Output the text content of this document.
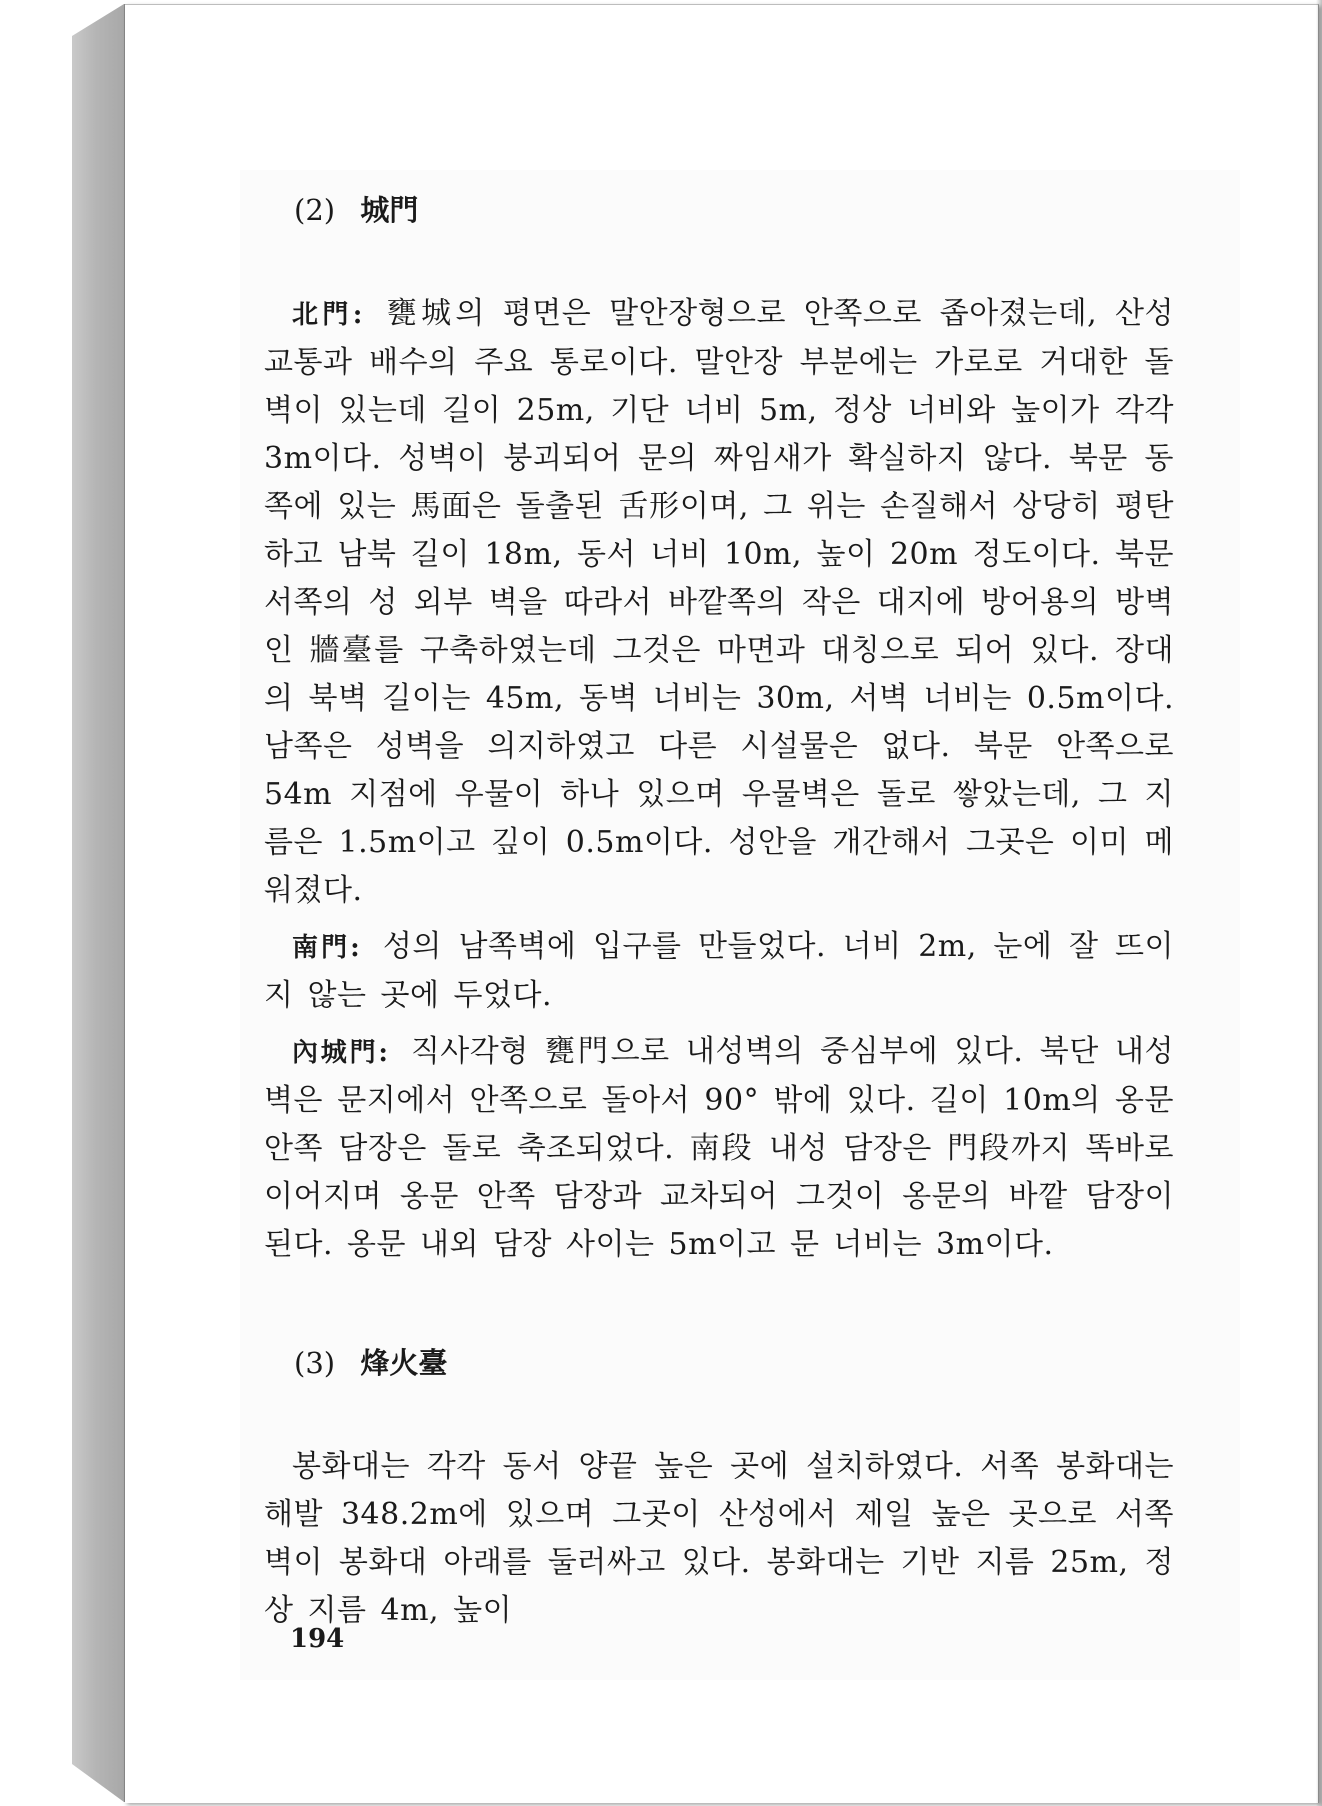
(2) 城門

北門: 甕城의 평면은 말안장형으로 안쪽으로 좁아졌는데, 산성 교통과 배수의 주요 통로이다. 말안장 부분에는 가로로 거대한 돌벽이 있는데 길이 25m, 기단 너비 5m, 정상 너비와 높이가 각각 3m이다. 성벽이 붕괴되어 문의 짜임새가 확실하지 않다. 북문 동쪽에 있는 馬面은 돌출된 舌形이며, 그 위는 손질해서 상당히 평탄하고 남북 길이 18m, 동서 너비 10m, 높이 20m 정도이다. 북문 서쪽의 성 외부 벽을 따라서 바깥쪽의 작은 대지에 방어용의 방벽인 牆臺를 구축하였는데 그것은 마면과 대칭으로 되어 있다. 장대의 북벽 길이는 45m, 동벽 너비는 30m, 서벽 너비는 0.5m이다. 남쪽은 성벽을 의지하였고 다른 시설물은 없다. 북문 안쪽으로 54m 지점에 우물이 하나 있으며 우물벽은 돌로 쌓았는데, 그 지름은 1.5m이고 깊이 0.5m이다. 성안을 개간해서 그곳은 이미 메워졌다.

南門: 성의 남쪽벽에 입구를 만들었다. 너비 2m, 눈에 잘 뜨이지 않는 곳에 두었다.

內城門: 직사각형 甕門으로 내성벽의 중심부에 있다. 북단 내성벽은 문지에서 안쪽으로 돌아서 90° 밖에 있다. 길이 10m의 옹문 안쪽 담장은 돌로 축조되었다. 南段 내성 담장은 門段까지 똑바로 이어지며 옹문 안쪽 담장과 교차되어 그것이 옹문의 바깥 담장이 된다. 옹문 내외 담장 사이는 5m이고 문 너비는 3m이다.

(3) 烽火臺

봉화대는 각각 동서 양끝 높은 곳에 설치하였다. 서쪽 봉화대는 해발 348.2m에 있으며 그곳이 산성에서 제일 높은 곳으로 서쪽 벽이 봉화대 아래를 둘러싸고 있다. 봉화대는 기반 지름 25m, 정상 지름 4m, 높이

194
